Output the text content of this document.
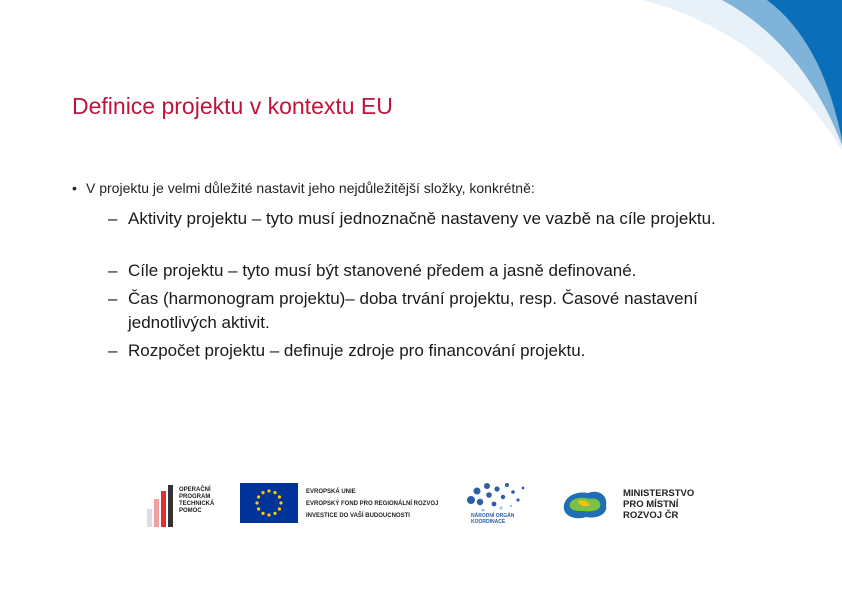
Definice projektu v kontextu EU
• V projektu je velmi důležité nastavit jeho nejdůležitější složky, konkrétně:
– Aktivity projektu – tyto musí jednoznačně nastaveny ve vazbě na cíle projektu.
– Cíle projektu – tyto musí být stanovené předem a jasně definované.
– Čas (harmonogram projektu)– doba trvání projektu, resp. Časové nastavení jednotlivých aktivit.
– Rozpočet projektu – definuje zdroje pro financování projektu.
OPERAČNÍ
PROGRAM
TECHNICKÁ
POMOC
EVROPSKÁ UNIE
EVROPSKÝ FOND PRO REGIONÁLNÍ ROZVOJ
INVESTICE DO VAŠÍ BUDOUCNOSTI	NÁRODNÍ ORGÁN
KOORDINACE
MINISTERSTVO
PRO MÍSTNÍ
ROZVOJ ČR
